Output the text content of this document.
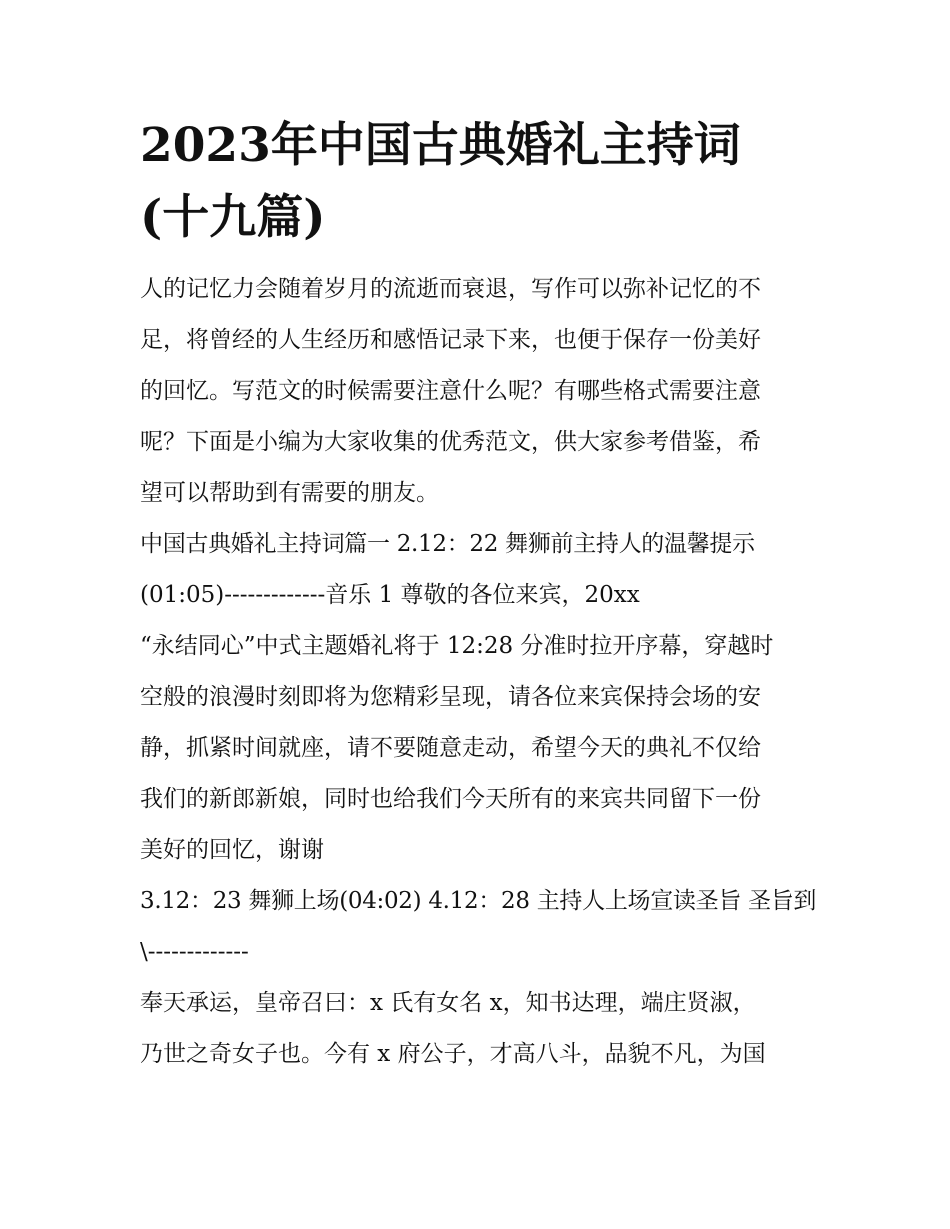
2023年中国古典婚礼主持词
(十九篇)
人的记忆力会随着岁月的流逝而衰退，写作可以弥补记忆的不
足，将曾经的人生经历和感悟记录下来，也便于保存一份美好
的回忆。写范文的时候需要注意什么呢？有哪些格式需要注意
呢？下面是小编为大家收集的优秀范文，供大家参考借鉴，希
望可以帮助到有需要的朋友。
中国古典婚礼主持词篇一 2.12：22 舞狮前主持人的温馨提示
(01:05)-------------音乐 1 尊敬的各位来宾，20xx
“永结同心”中式主题婚礼将于 12:28 分准时拉开序幕，穿越时
空般的浪漫时刻即将为您精彩呈现，请各位来宾保持会场的安
静，抓紧时间就座，请不要随意走动，希望今天的典礼不仅给
我们的新郎新娘，同时也给我们今天所有的来宾共同留下一份
美好的回忆，谢谢
3.12：23 舞狮上场(04:02) 4.12：28 主持人上场宣读圣旨 圣旨到
\-------------
奉天承运，皇帝召曰：x 氏有女名 x，知书达理，端庄贤淑，
乃世之奇女子也。今有 x 府公子，才高八斗，品貌不凡，为国
